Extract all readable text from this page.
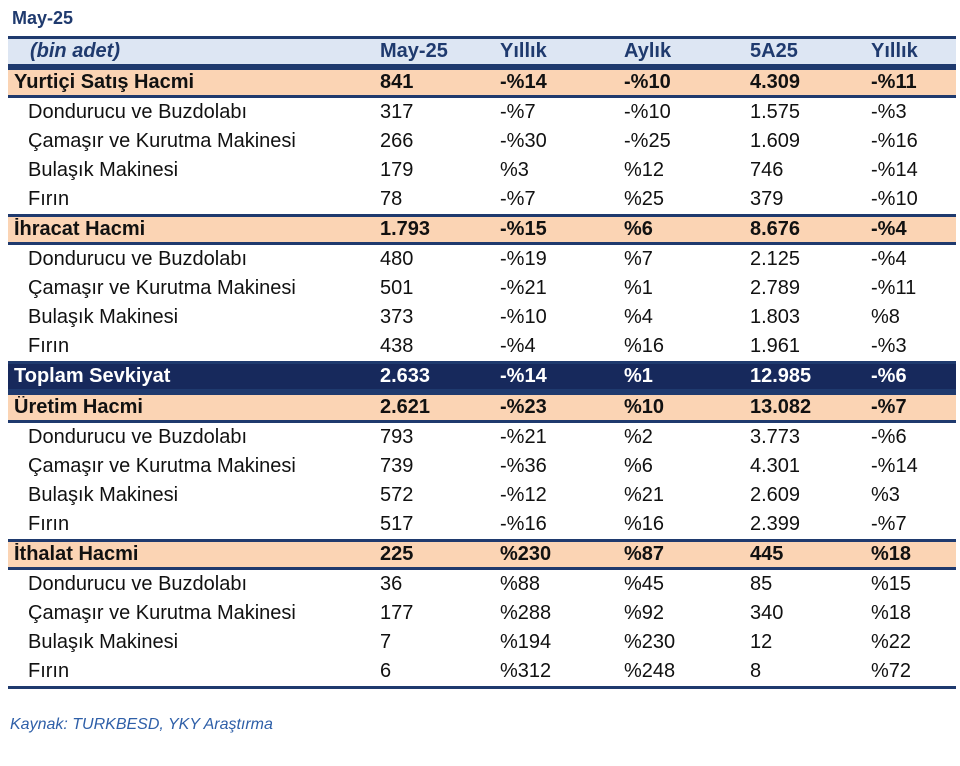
May-25
(bin adet)	May-25	Yıllık	Aylık	5A25	Yıllık
Yurtiçi Satış Hacmi	841	-%14	-%10	4.309	-%11
Dondurucu ve Buzdolabı	317	-%7	-%10	1.575	-%3
Çamaşır ve Kurutma Makinesi	266	-%30	-%25	1.609	-%16
Bulaşık Makinesi	179	%3	%12	746	-%14
Fırın	78	-%7	%25	379	-%10
İhracat Hacmi	1.793	-%15	%6	8.676	-%4
Dondurucu ve Buzdolabı	480	-%19	%7	2.125	-%4
Çamaşır ve Kurutma Makinesi	501	-%21	%1	2.789	-%11
Bulaşık Makinesi	373	-%10	%4	1.803	%8
Fırın	438	-%4	%16	1.961	-%3
Toplam Sevkiyat	2.633	-%14	%1	12.985	-%6
Üretim Hacmi	2.621	-%23	%10	13.082	-%7
Dondurucu ve Buzdolabı	793	-%21	%2	3.773	-%6
Çamaşır ve Kurutma Makinesi	739	-%36	%6	4.301	-%14
Bulaşık Makinesi	572	-%12	%21	2.609	%3
Fırın	517	-%16	%16	2.399	-%7
İthalat Hacmi	225	%230	%87	445	%18
Dondurucu ve Buzdolabı	36	%88	%45	85	%15
Çamaşır ve Kurutma Makinesi	177	%288	%92	340	%18
Bulaşık Makinesi	7	%194	%230	12	%22
Fırın	6	%312	%248	8	%72
Kaynak: TURKBESD, YKY Araştırma
